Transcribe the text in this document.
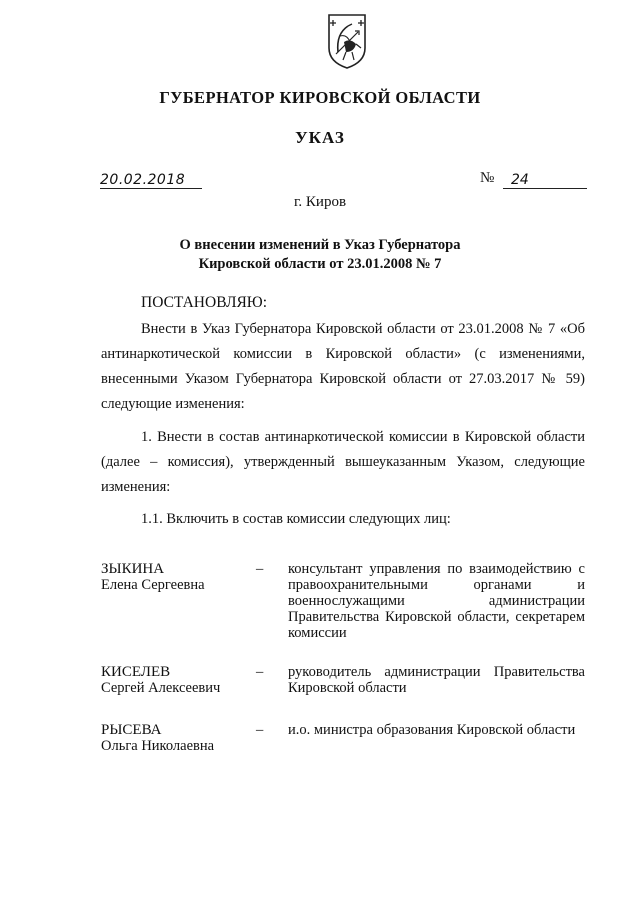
ГУБЕРНАТОР КИРОВСКОЙ ОБЛАСТИ
УКАЗ
20.02.2018	№	24
г. Киров
О внесении изменений в Указ Губернатора
Кировской области от 23.01.2008 № 7
ПОСТАНОВЛЯЮ:
Внести в Указ Губернатора Кировской области от 23.01.2008 № 7 «Об антинаркотической комиссии в Кировской области» (с изменениями, внесенными Указом Губернатора Кировской области от 27.03.2017 № 59) следующие изменения:
1. Внести в состав антинаркотической комиссии в Кировской области (далее – комиссия), утвержденный вышеуказанным Указом, следующие изменения:
1.1. Включить в состав комиссии следующих лиц:
ЗЫКИНА
Елена Сергеевна
– консультант управления по взаимодействию с правоохранительными органами и военнослужащими администрации Правительства Кировской области, секретарем комиссии
КИСЕЛЕВ
Сергей Алексеевич
– руководитель администрации Правительства Кировской области
РЫСЕВА
Ольга Николаевна
– и.о. министра образования Кировской области
